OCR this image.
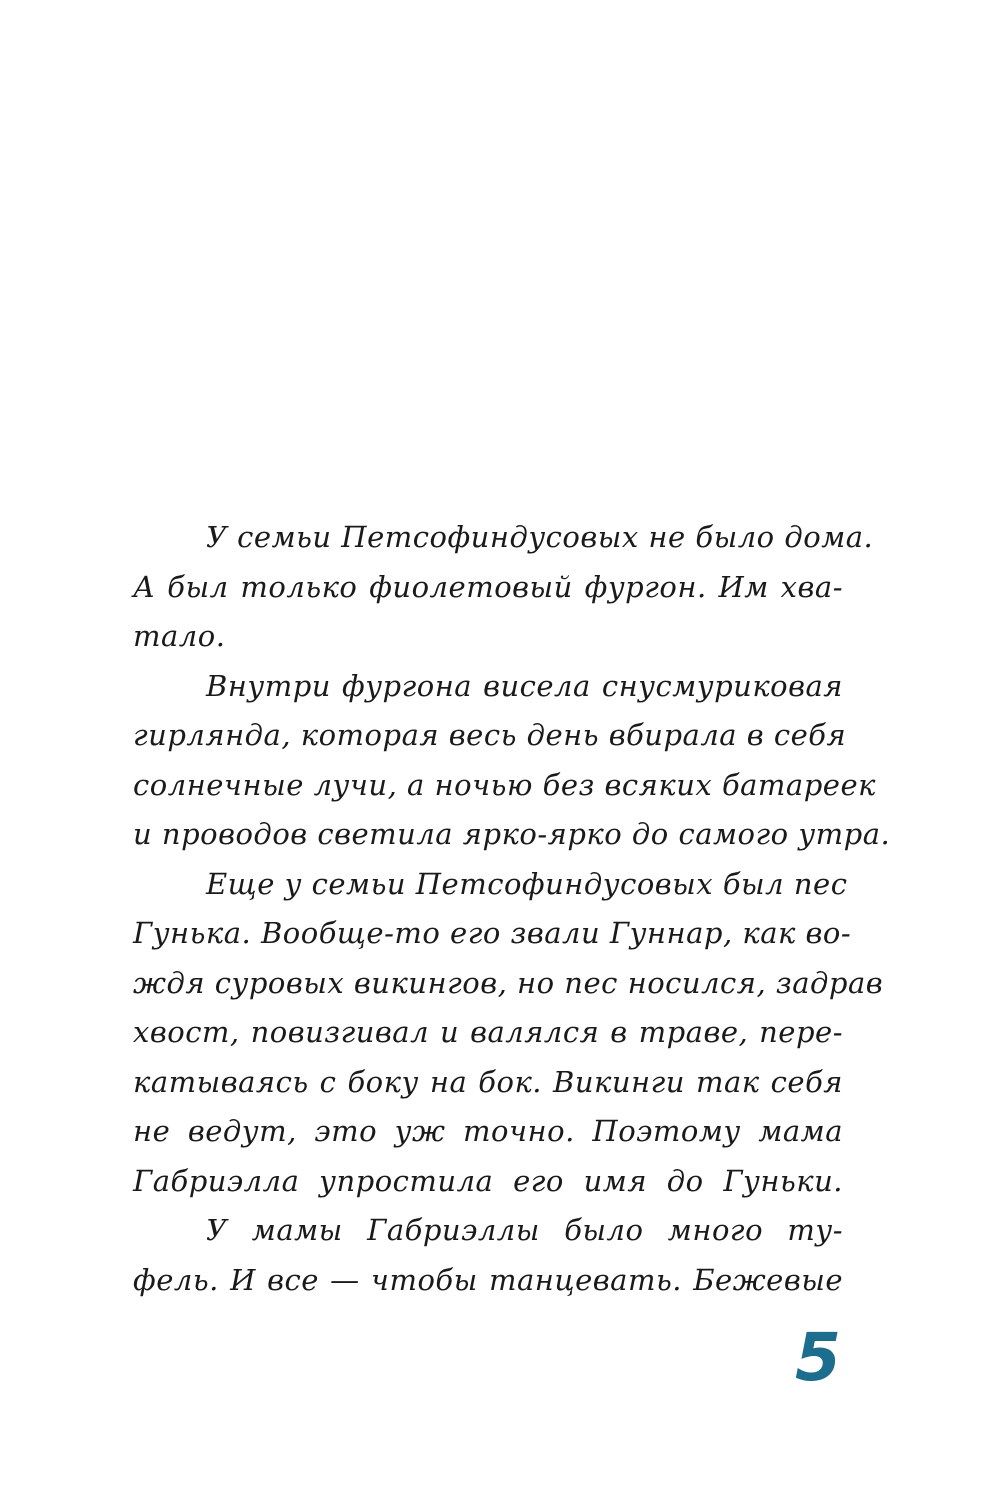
У семьи Петсофиндусовых не было дома.
А был только фиолетовый фургон. Им хва-
тало.
Внутри фургона висела снусмуриковая
гирлянда, которая весь день вбирала в себя
солнечные лучи, а ночью без всяких батареек
и проводов светила ярко-ярко до самого утра.
Еще у семьи Петсофиндусовых был пес
Гунька. Вообще-то его звали Гуннар, как во-
ждя суровых викингов, но пес носился, задрав
хвост, повизгивал и валялся в траве, пере-
катываясь с боку на бок. Викинги так себя
не ведут, это уж точно. Поэтому мама
Габриэлла упростила его имя до Гуньки.
У мамы Габриэллы было много ту-
фель. И все — чтобы танцевать. Бежевые
5
